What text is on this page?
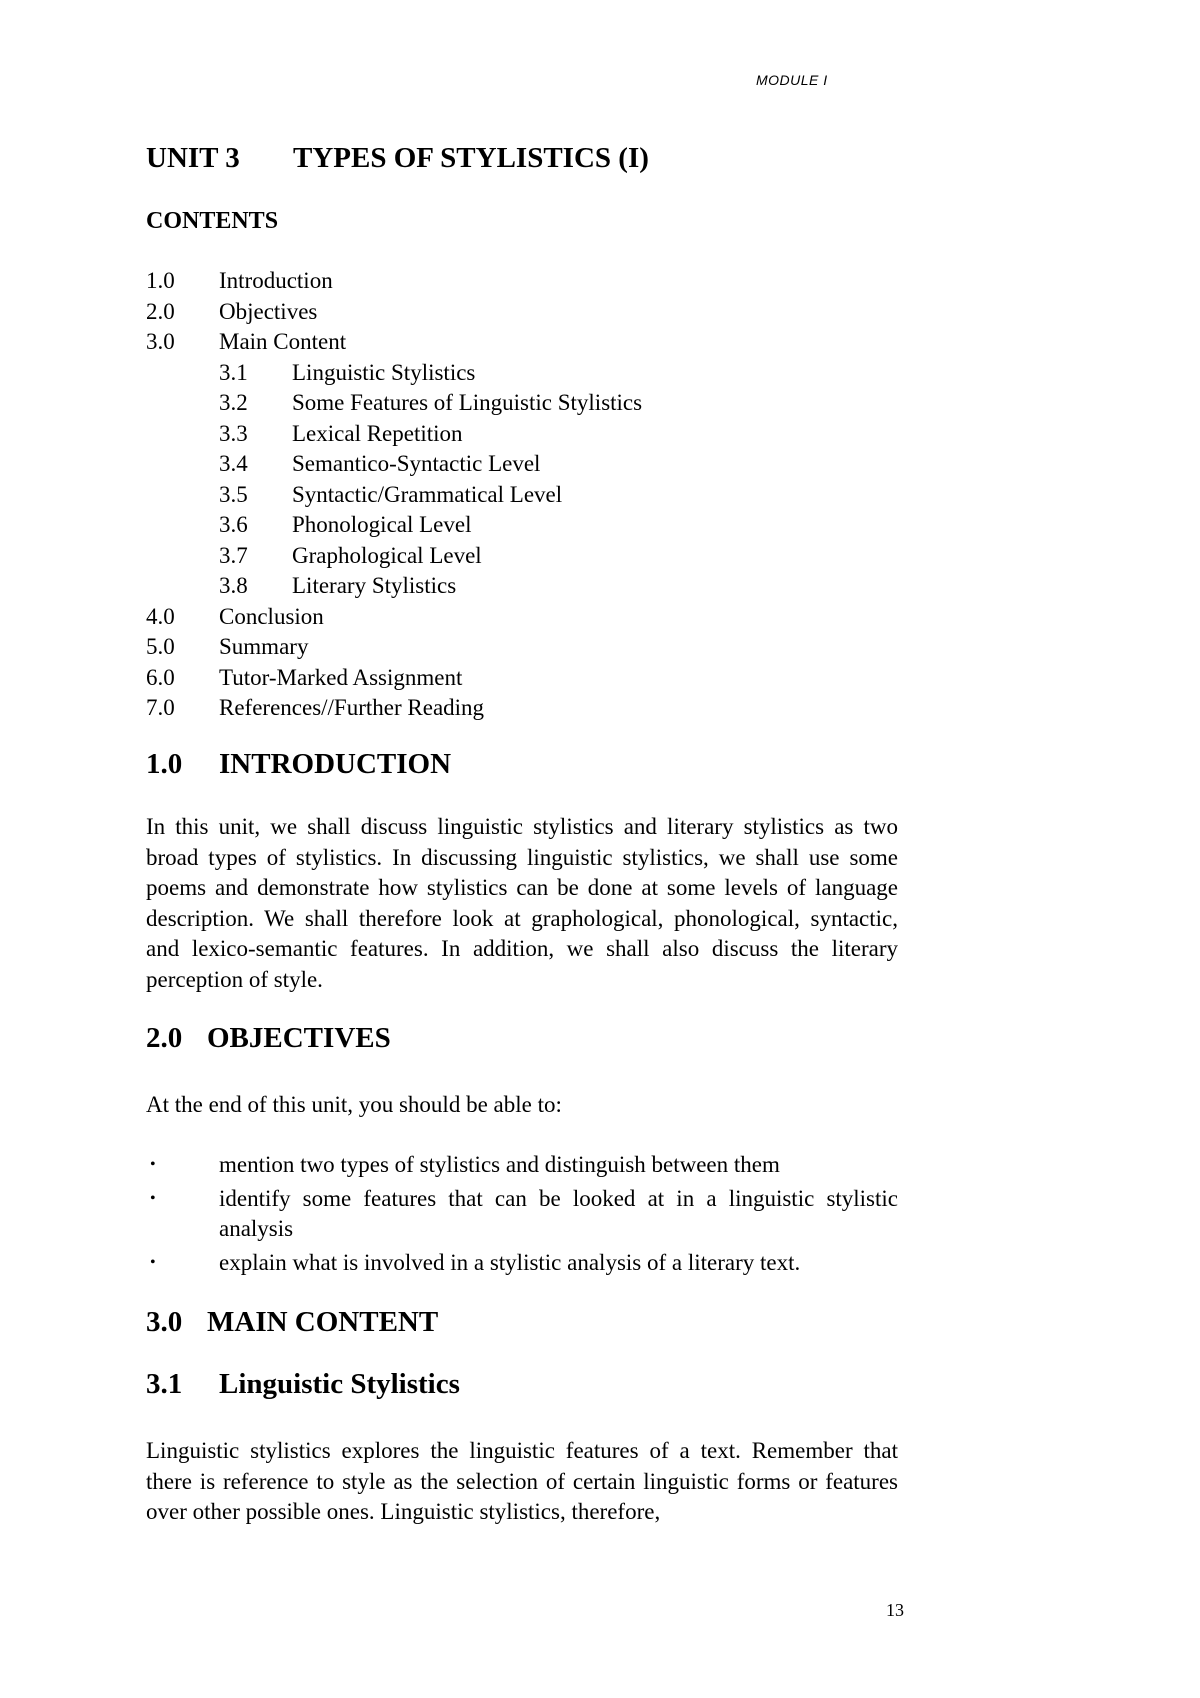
MODULE I
UNIT 3 TYPES OF STYLISTICS (I)
CONTENTS
1.0 Introduction
2.0 Objectives
3.0 Main Content
3.1 Linguistic Stylistics
3.2 Some Features of Linguistic Stylistics
3.3 Lexical Repetition
3.4 Semantico-Syntactic Level
3.5 Syntactic/Grammatical Level
3.6 Phonological Level
3.7 Graphological Level
3.8 Literary Stylistics
4.0 Conclusion
5.0 Summary
6.0 Tutor-Marked Assignment
7.0 References//Further Reading
1.0 INTRODUCTION

In this unit, we shall discuss linguistic stylistics and literary stylistics as two broad types of stylistics. In discussing linguistic stylistics, we shall use some poems and demonstrate how stylistics can be done at some levels of language description. We shall therefore look at graphological, phonological, syntactic, and lexico-semantic features. In addition, we shall also discuss the literary perception of style.

2.0 OBJECTIVES

At the end of this unit, you should be able to:

•	mention two types of stylistics and distinguish between them
•	identify some features that can be looked at in a linguistic stylistic analysis
•	explain what is involved in a stylistic analysis of a literary text.
3.0 MAIN CONTENT
3.1 Linguistic Stylistics

Linguistic stylistics explores the linguistic features of a text. Remember that there is reference to style as the selection of certain linguistic forms or features over other possible ones. Linguistic stylistics, therefore,

13
